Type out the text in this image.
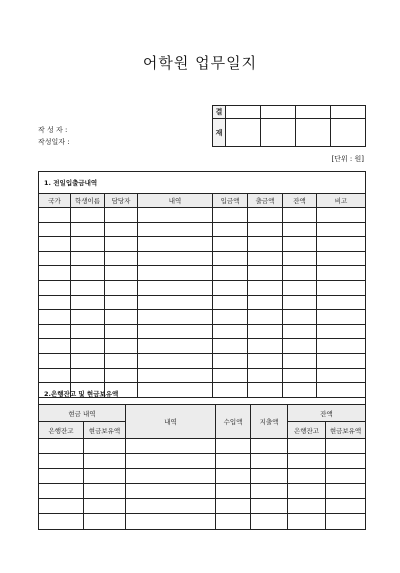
어학원 업무일지
작 성 자 :
작성일자 :
결				
재				
[단위 : 원]
1. 전일입출금내역							
국가	학생이름	담당자	내역	입금액	출금액	잔액	비고

2.은행잔고 및 현금보유액						
현금 내역		내역	수입액	지출액	잔액	
은행잔고	현금보유액				은행잔고	현금보유액
